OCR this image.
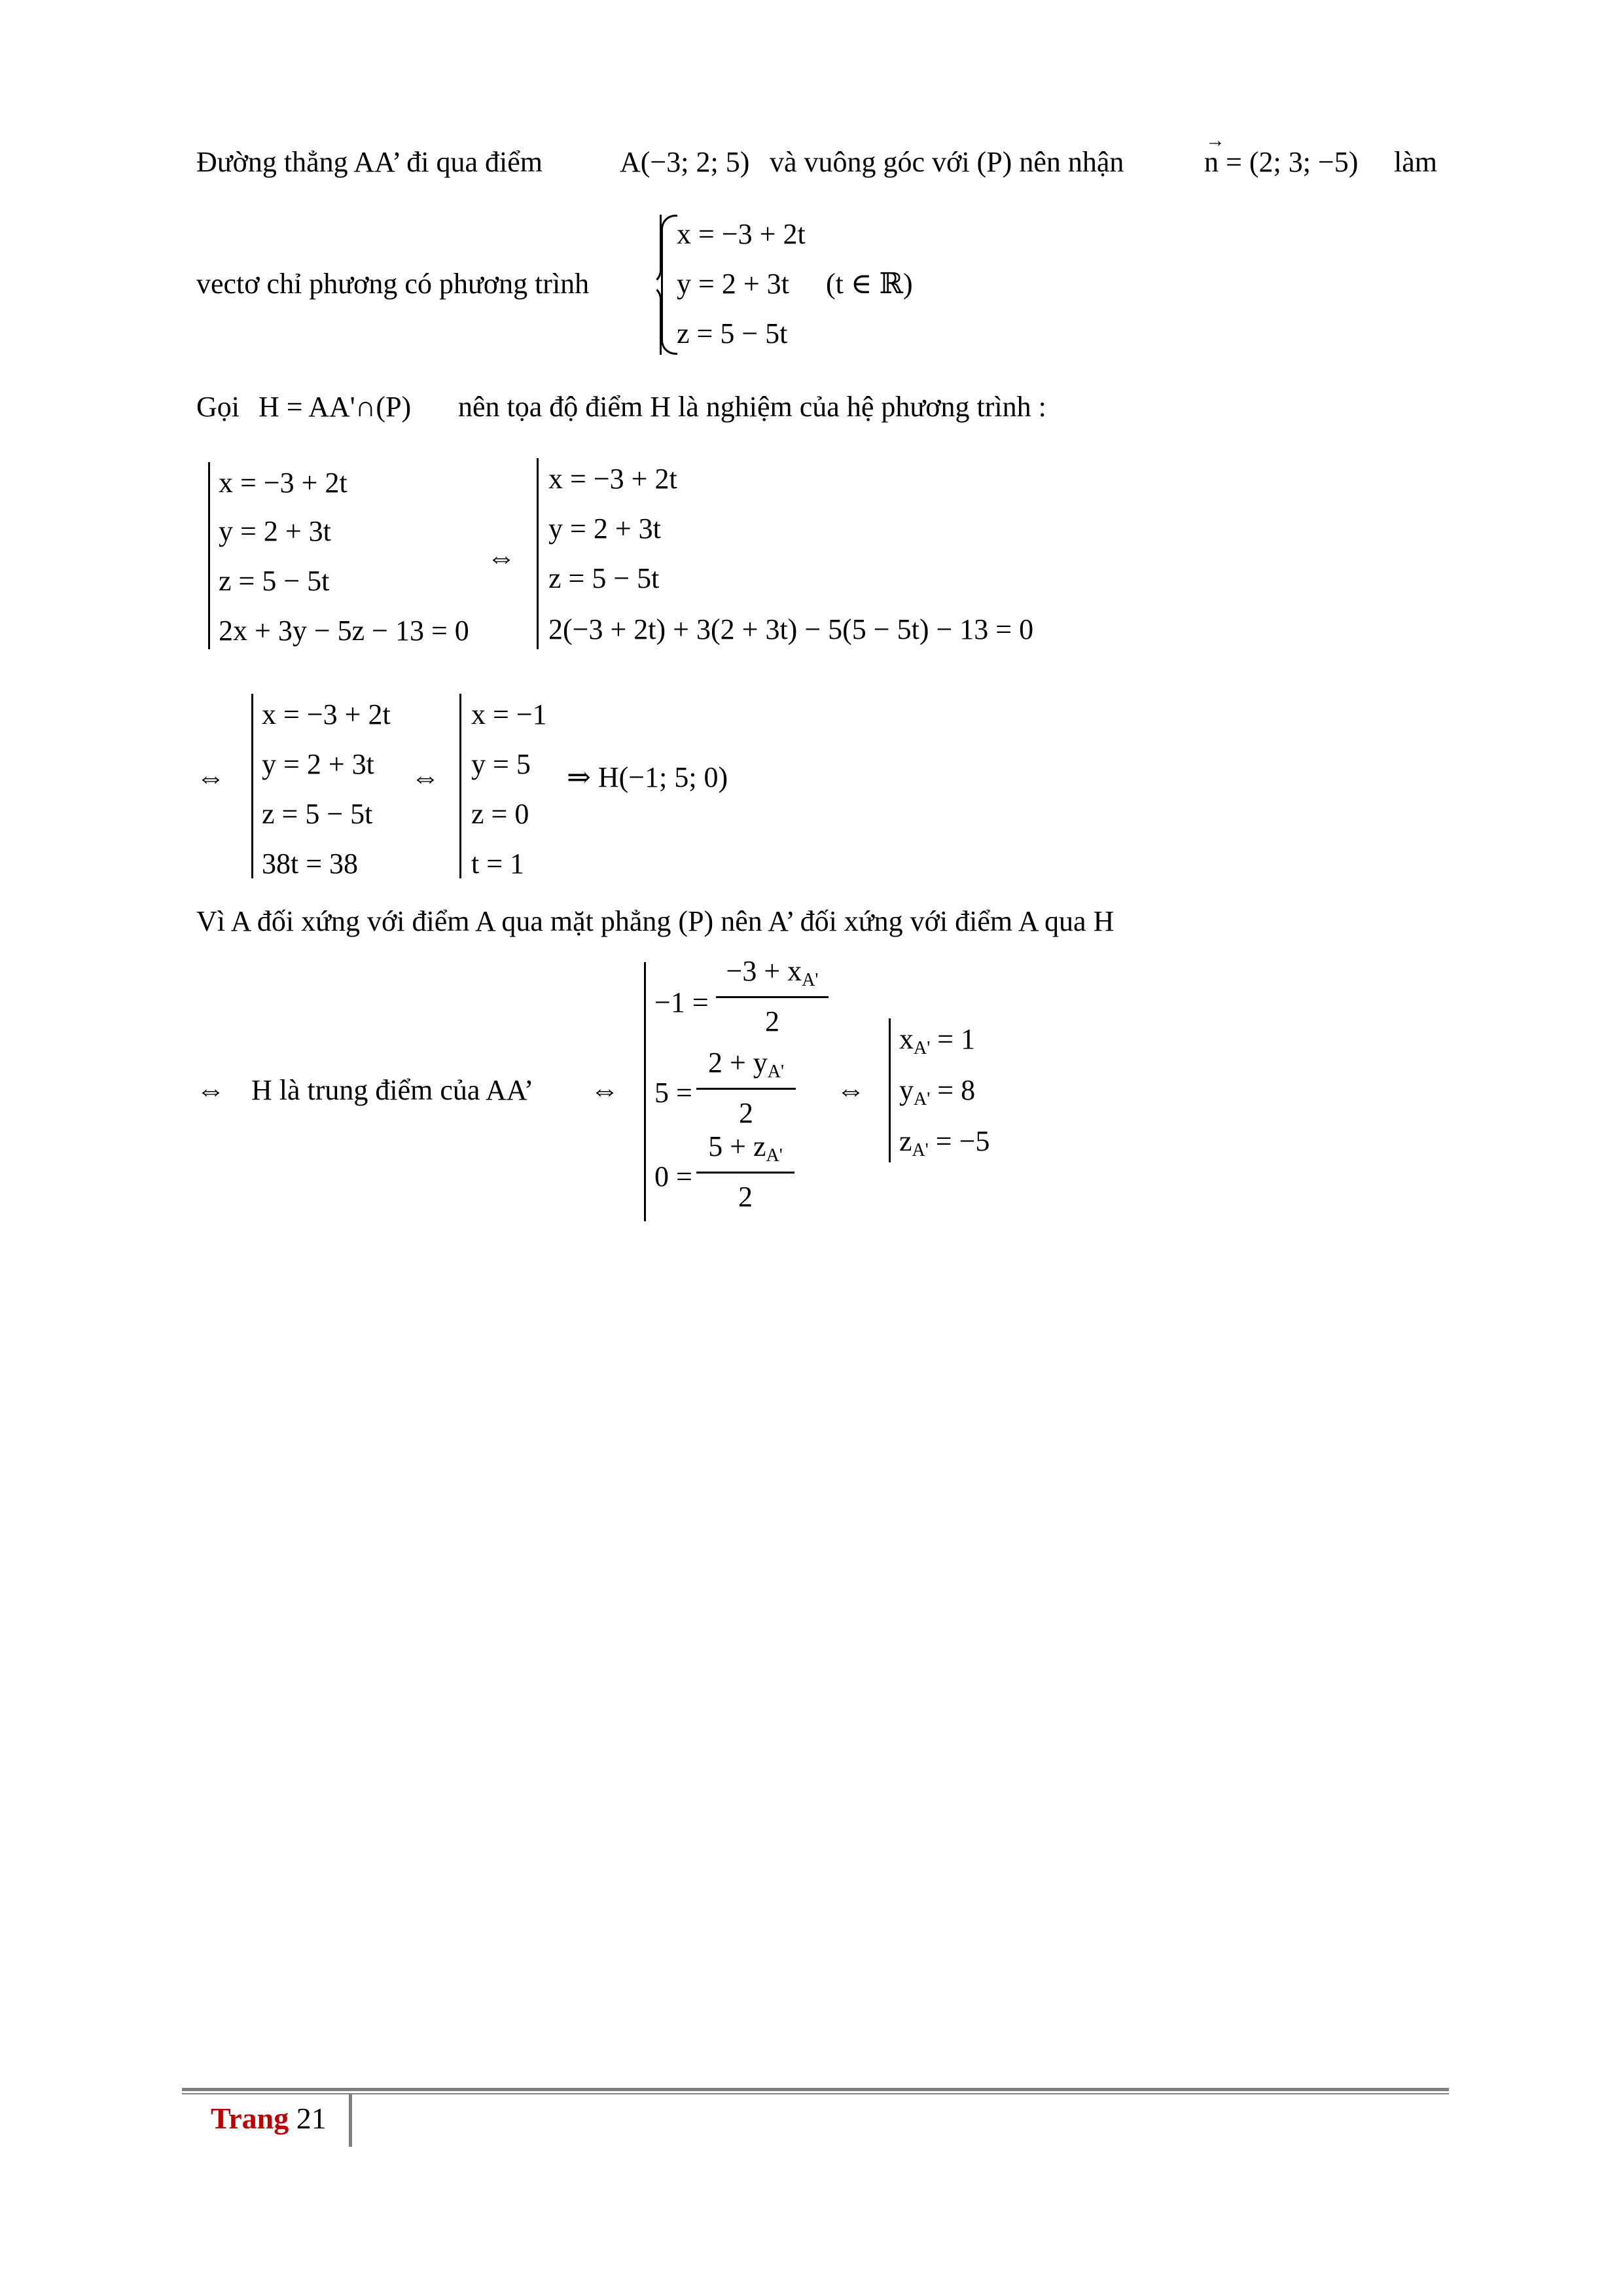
Đường thẳng AA’ đi qua điểm	A(−3; 2; 5) và vuông góc với (P) nên nhận
→
n = (2; 3; −5) làm
vectơ chỉ phương có phương trình
x = −3 + 2t
y = 2 + 3t
z = 5 − 5t
(t ∈ ℝ)
Gọi H = AA'∩(P) nên tọa độ điểm H là nghiệm của hệ phương trình :
x = −3 + 2t
y = 2 + 3t
z = 5 − 5t
2x + 3y − 5z − 13 = 0
⇔
x = −3 + 2t
y = 2 + 3t
z = 5 − 5t
2(−3 + 2t) + 3(2 + 3t) − 5(5 − 5t) − 13 = 0
⇔
x = −3 + 2t
y = 2 + 3t
z = 5 − 5t
38t = 38
⇔
x = −1
y = 5
z = 0
t = 1
⇒ H(−1; 5; 0)
Vì A đối xứng với điểm A qua mặt phẳng (P) nên A’ đối xứng với điểm A qua H
⇔ H là trung điểm của AA’ ⇔
$-1 = \frac{-3 + x_{A'}}{2}$
$5 = \frac{2 + y_{A'}}{2}$
$0 = \frac{5 + z_{A'}}{2}$
⇔
$x_{A'} = 1$
$y_{A'} = 8$
$z_{A'} = -5$
Trang 21
